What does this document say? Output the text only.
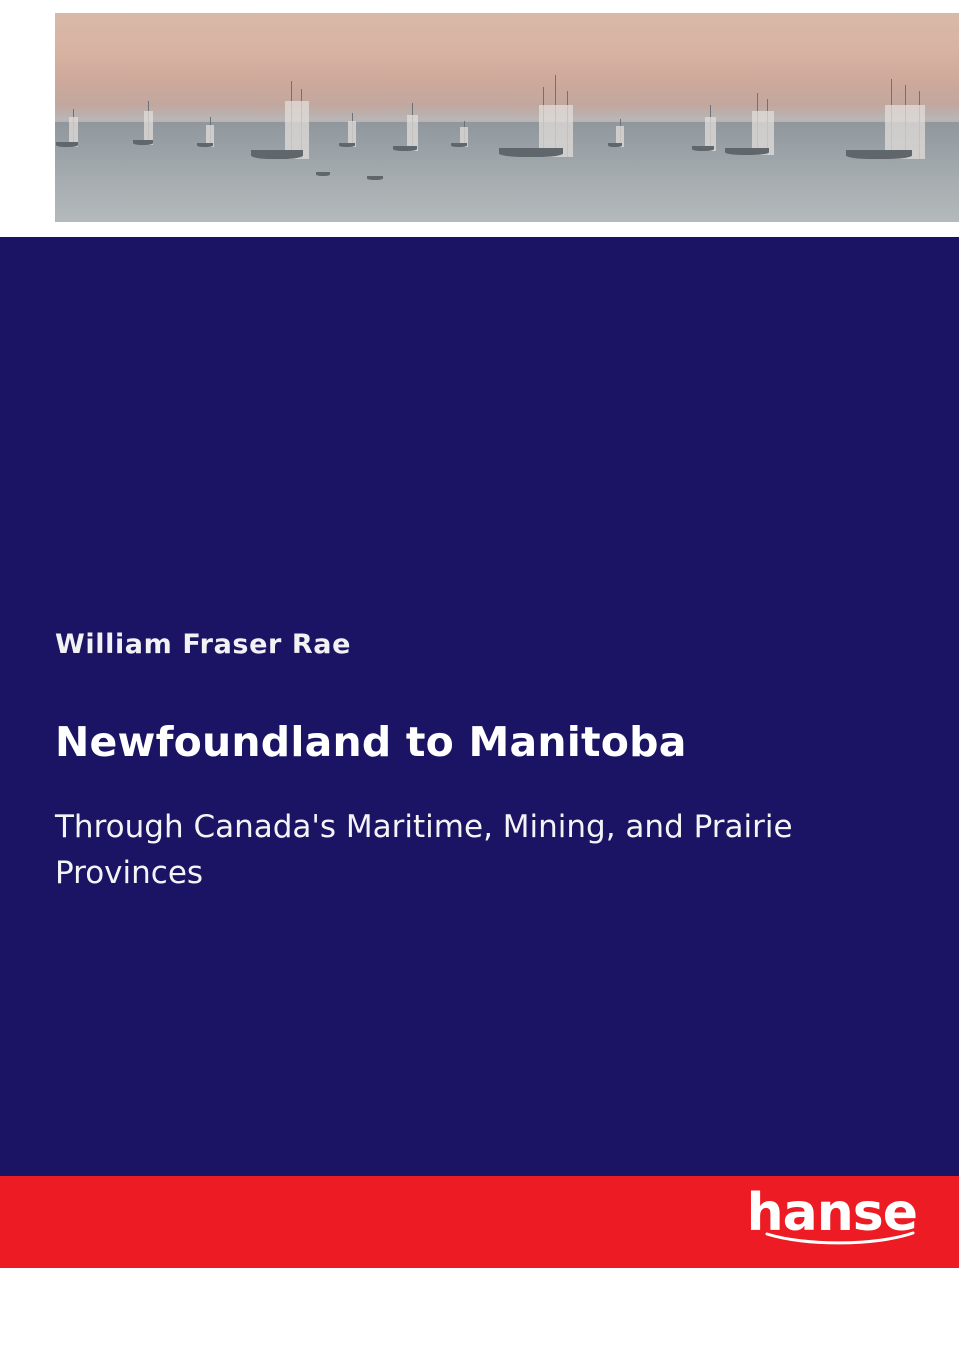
William Fraser Rae
Newfoundland to Manitoba
Through Canada's Maritime, Mining, and Prairie Provinces
hanse
